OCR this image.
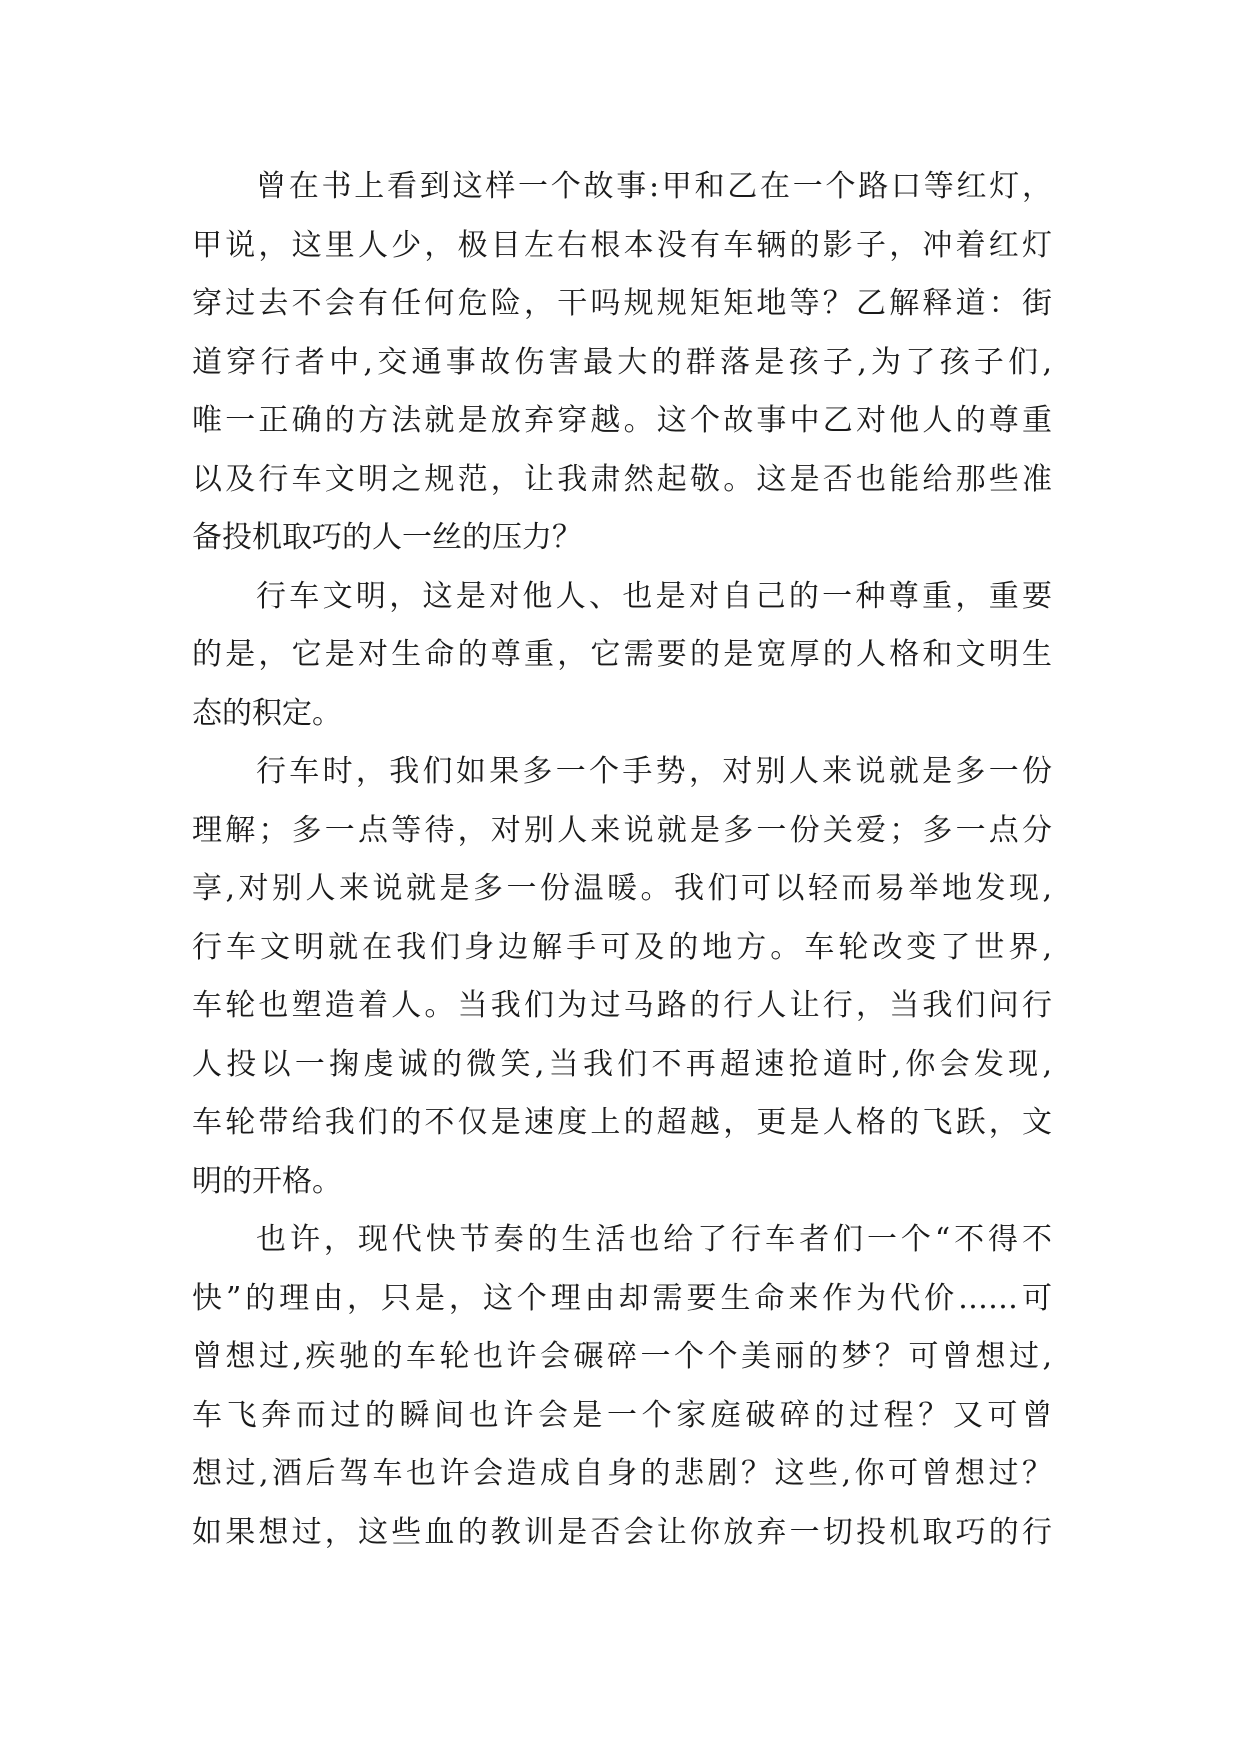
曾在书上看到这样一个故事:甲和乙在一个路口等红灯，
甲说，这里人少，极目左右根本没有车辆的影子，冲着红灯
穿过去不会有任何危险，干吗规规矩矩地等？乙解释道：街
道穿行者中,交通事故伤害最大的群落是孩子,为了孩子们,
唯一正确的方法就是放弃穿越。这个故事中乙对他人的尊重
以及行车文明之规范，让我肃然起敬。这是否也能给那些准
备投机取巧的人一丝的压力？
行车文明，这是对他人、也是对自己的一种尊重，重要
的是，它是对生命的尊重，它需要的是宽厚的人格和文明生
态的积定。
行车时，我们如果多一个手势，对别人来说就是多一份
理解；多一点等待，对别人来说就是多一份关爱；多一点分
享,对别人来说就是多一份温暖。我们可以轻而易举地发现,
行车文明就在我们身边解手可及的地方。车轮改变了世界,
车轮也塑造着人。当我们为过马路的行人让行，当我们问行
人投以一掬虔诚的微笑,当我们不再超速抢道时,你会发现,
车轮带给我们的不仅是速度上的超越，更是人格的飞跃，文
明的开格。
也许，现代快节奏的生活也给了行车者们一个“不得不
快”的理由，只是，这个理由却需要生命来作为代价……可
曾想过,疾驰的车轮也许会碾碎一个个美丽的梦？可曾想过,
车飞奔而过的瞬间也许会是一个家庭破碎的过程？又可曾
想过,酒后驾车也许会造成自身的悲剧？这些,你可曾想过？
如果想过，这些血的教训是否会让你放弃一切投机取巧的行
